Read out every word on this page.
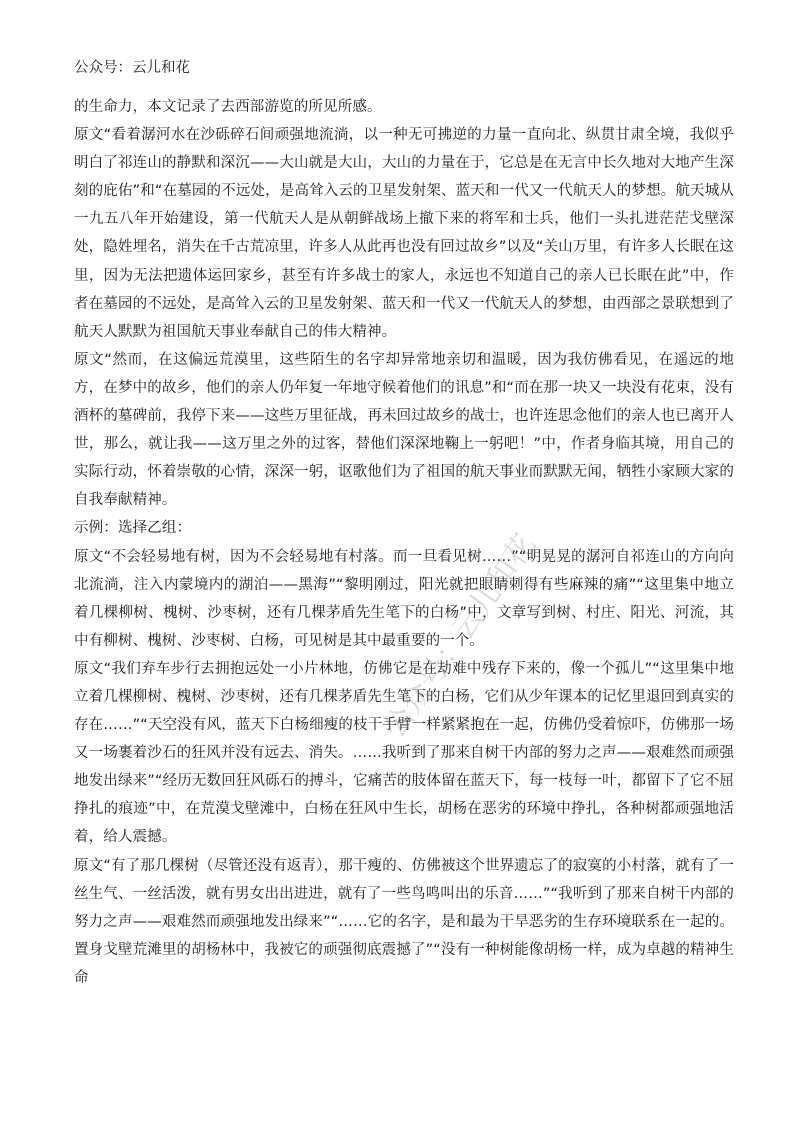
公众号：云儿和花

的生命力，本文记录了去西部游览的所见所感。

原文“看着潺河水在沙砾碎石间顽强地流淌，以一种无可拂逆的力量一直向北、纵贯甘肃全境，我似乎明白了祁连山的静默和深沉——大山就是大山，大山的力量在于，它总是在无言中长久地对大地产生深刻的庇佑”和“在墓园的不远处，是高耸入云的卫星发射架、蓝天和一代又一代航天人的梦想。航天城从一九五八年开始建设，第一代航天人是从朝鲜战场上撤下来的将军和士兵，他们一头扎进茫茫戈壁深处，隐姓埋名，消失在千古荒凉里，许多人从此再也没有回过故乡”以及“关山万里，有许多人长眠在这里，因为无法把遗体运回家乡，甚至有许多战士的家人，永远也不知道自己的亲人已长眠在此”中，作者在墓园的不远处，是高耸入云的卫星发射架、蓝天和一代又一代航天人的梦想，由西部之景联想到了航天人默默为祖国航天事业奉献自己的伟大精神。

原文“然而，在这偏远荒漠里，这些陌生的名字却异常地亲切和温暖，因为我仿佛看见，在遥远的地方，在梦中的故乡，他们的亲人仍年复一年地守候着他们的讯息”和“而在那一块又一块没有花束，没有酒杯的墓碑前，我停下来——这些万里征战，再未回过故乡的战士，也许连思念他们的亲人也已离开人世，那么，就让我——这万里之外的过客，替他们深深地鞠上一躬吧！”中，作者身临其境，用自己的实际行动，怀着崇敬的心情，深深一躬，讴歌他们为了祖国的航天事业而默默无闻，牺牲小家顾大家的自我奉献精神。

示例：选择乙组：

原文“不会轻易地有树，因为不会轻易地有村落。而一旦看见树……”“明晃晃的潺河自祁连山的方向向北流淌，注入内蒙境内的湖泊——黑海”“黎明刚过，阳光就把眼睛刺得有些麻辣的痛”“这里集中地立着几棵柳树、槐树、沙枣树，还有几棵茅盾先生笔下的白杨”中，文章写到树、村庄、阳光、河流，其中有柳树、槐树、沙枣树、白杨，可见树是其中最重要的一个。

原文“我们弃车步行去拥抱远处一小片林地，仿佛它是在劫难中残存下来的，像一个孤儿”“这里集中地立着几棵柳树、槐树、沙枣树，还有几棵茅盾先生笔下的白杨，它们从少年课本的记忆里退回到真实的存在……”“天空没有风，蓝天下白杨细瘦的枝干手臂一样紧紧抱在一起，仿佛仍受着惊吓，仿佛那一场又一场裹着沙石的狂风并没有远去、消失。……我听到了那来自树干内部的努力之声——艰难然而顽强地发出绿来”“经历无数回狂风砾石的搏斗，它痛苦的肢体留在蓝天下，每一枝每一叶，都留下了它不屈挣扎的痕迹”中，在荒漠戈壁滩中，白杨在狂风中生长，胡杨在恶劣的环境中挣扎，各种树都顽强地活着，给人震撼。

原文“有了那几棵树（尽管还没有返青），那干瘦的、仿佛被这个世界遗忘了的寂寞的小村落，就有了一丝生气、一丝活泼，就有男女出出进进，就有了一些鸟鸣叫出的乐音……”“我听到了那来自树干内部的努力之声——艰难然而顽强地发出绿来”“……它的名字，是和最为干旱恶劣的生存环境联系在一起的。置身戈壁荒滩里的胡杨林中，我被它的顽强彻底震撼了”“没有一种树能像胡杨一样，成为卓越的精神生命

公众号：云儿和花
